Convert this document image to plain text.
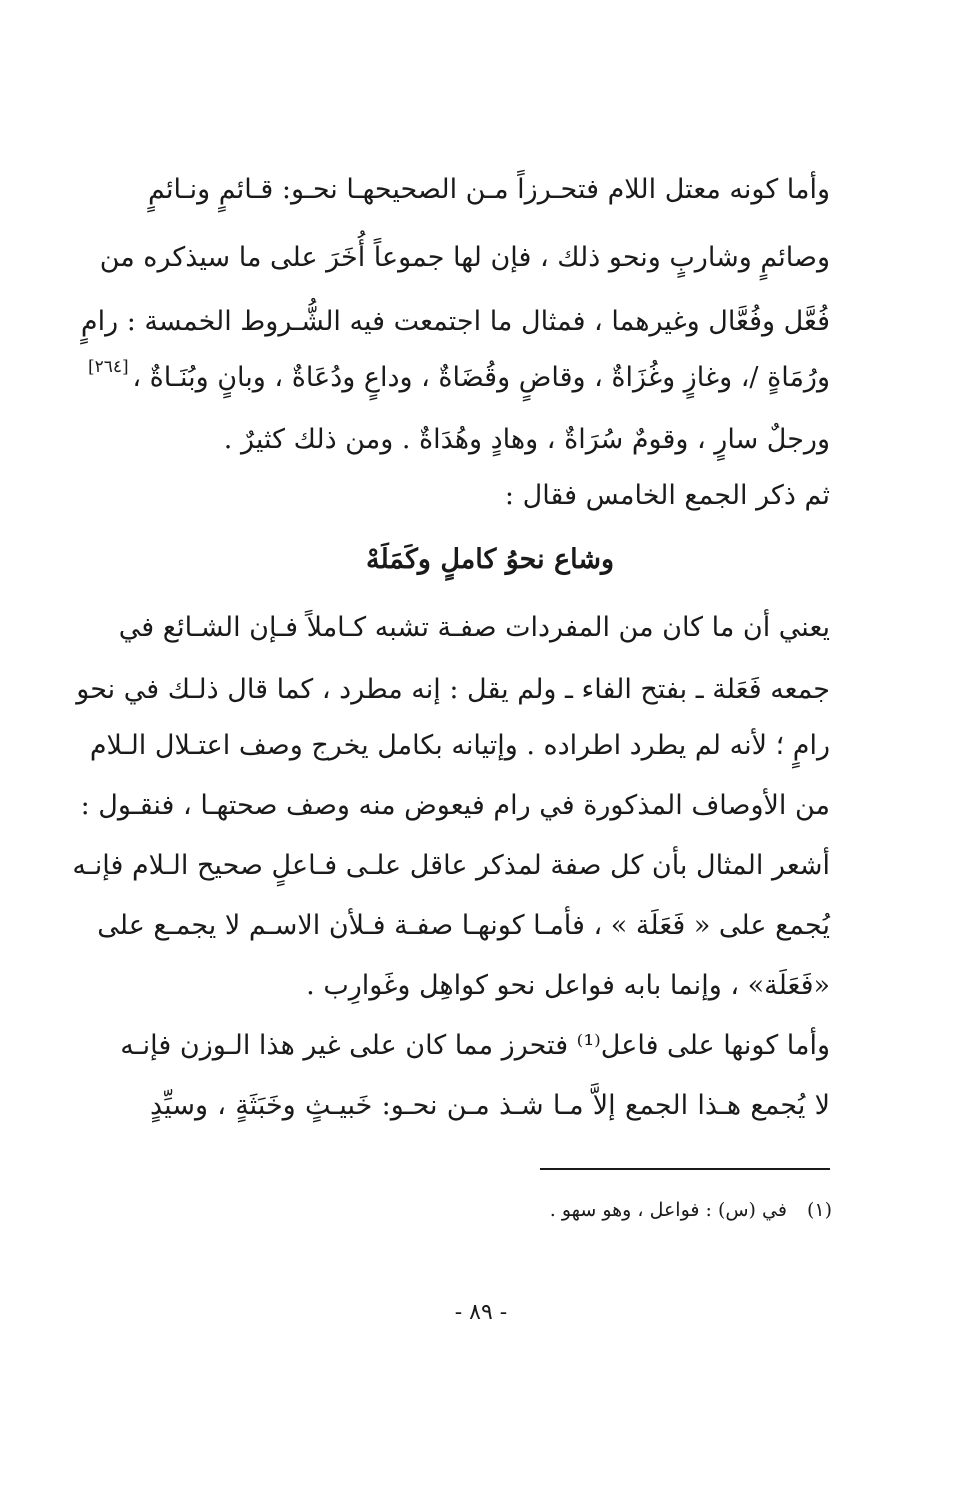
وأما كونه معتل اللام فتحـرزاً مـن الصحيحهـا نحـو: قـائمٍ ونـائمٍ
وصائمٍ وشاربٍ ونحو ذلك ، فإن لها جموعاً أُخَرَ على ما سيذكره من
فُعَّل وفُعَّال وغيرهما ، فمثال ما اجتمعت فيه الشُّـروط الخمسة : رامٍ
ورُمَاةٍ /، وغازٍ وغُزَاةٌ ، وقاضٍ وقُضَاةٌ ، وداعٍ ودُعَاةٌ ، وبانٍ وبُنَـاةٌ ،
ورجلٌ سارٍ ، وقومٌ سُرَاةٌ ، وهادٍ وهُدَاةٌ . ومن ذلك كثيرٌ .
ثم ذكر الجمع الخامس فقال :
وشاع نحوُ كاملٍ وكَمَلَهْ
يعني أن ما كان من المفردات صفـة تشبه كـاملاً فـإن الشـائع في
جمعه فَعَلة ـ بفتح الفاء ـ ولم يقل : إنه مطرد ، كما قال ذلـك في نحو
رامٍ ؛ لأنه لم يطرد اطراده . وإتيانه بكامل يخرج وصف اعتـلال الـلام
من الأوصاف المذكورة في رام فيعوض منه وصف صحتهـا ، فنقـول :
أشعر المثال بأن كل صفة لمذكر عاقل علـى فـاعلٍ صحيح الـلام فإنـه
يُجمع على « فَعَلَة » ، فأمـا كونهـا صفـة فـلأن الاسـم لا يجمـع على
«فَعَلَة» ، وإنما بابه فواعل نحو كواهِل وغَوارِب .
وأما كونها على فاعل⁽¹⁾ فتحرز مما كان على غير هذا الـوزن فإنـه
لا يُجمع هـذا الجمع إلاَّ مـا شـذ مـن نحـو: خَبيـثٍ وخَبَثَةٍ ، وسيِّدٍ
[٢٦٤]
(١)في (س) : فواعل ، وهو سهو .
- ٨٩ -
